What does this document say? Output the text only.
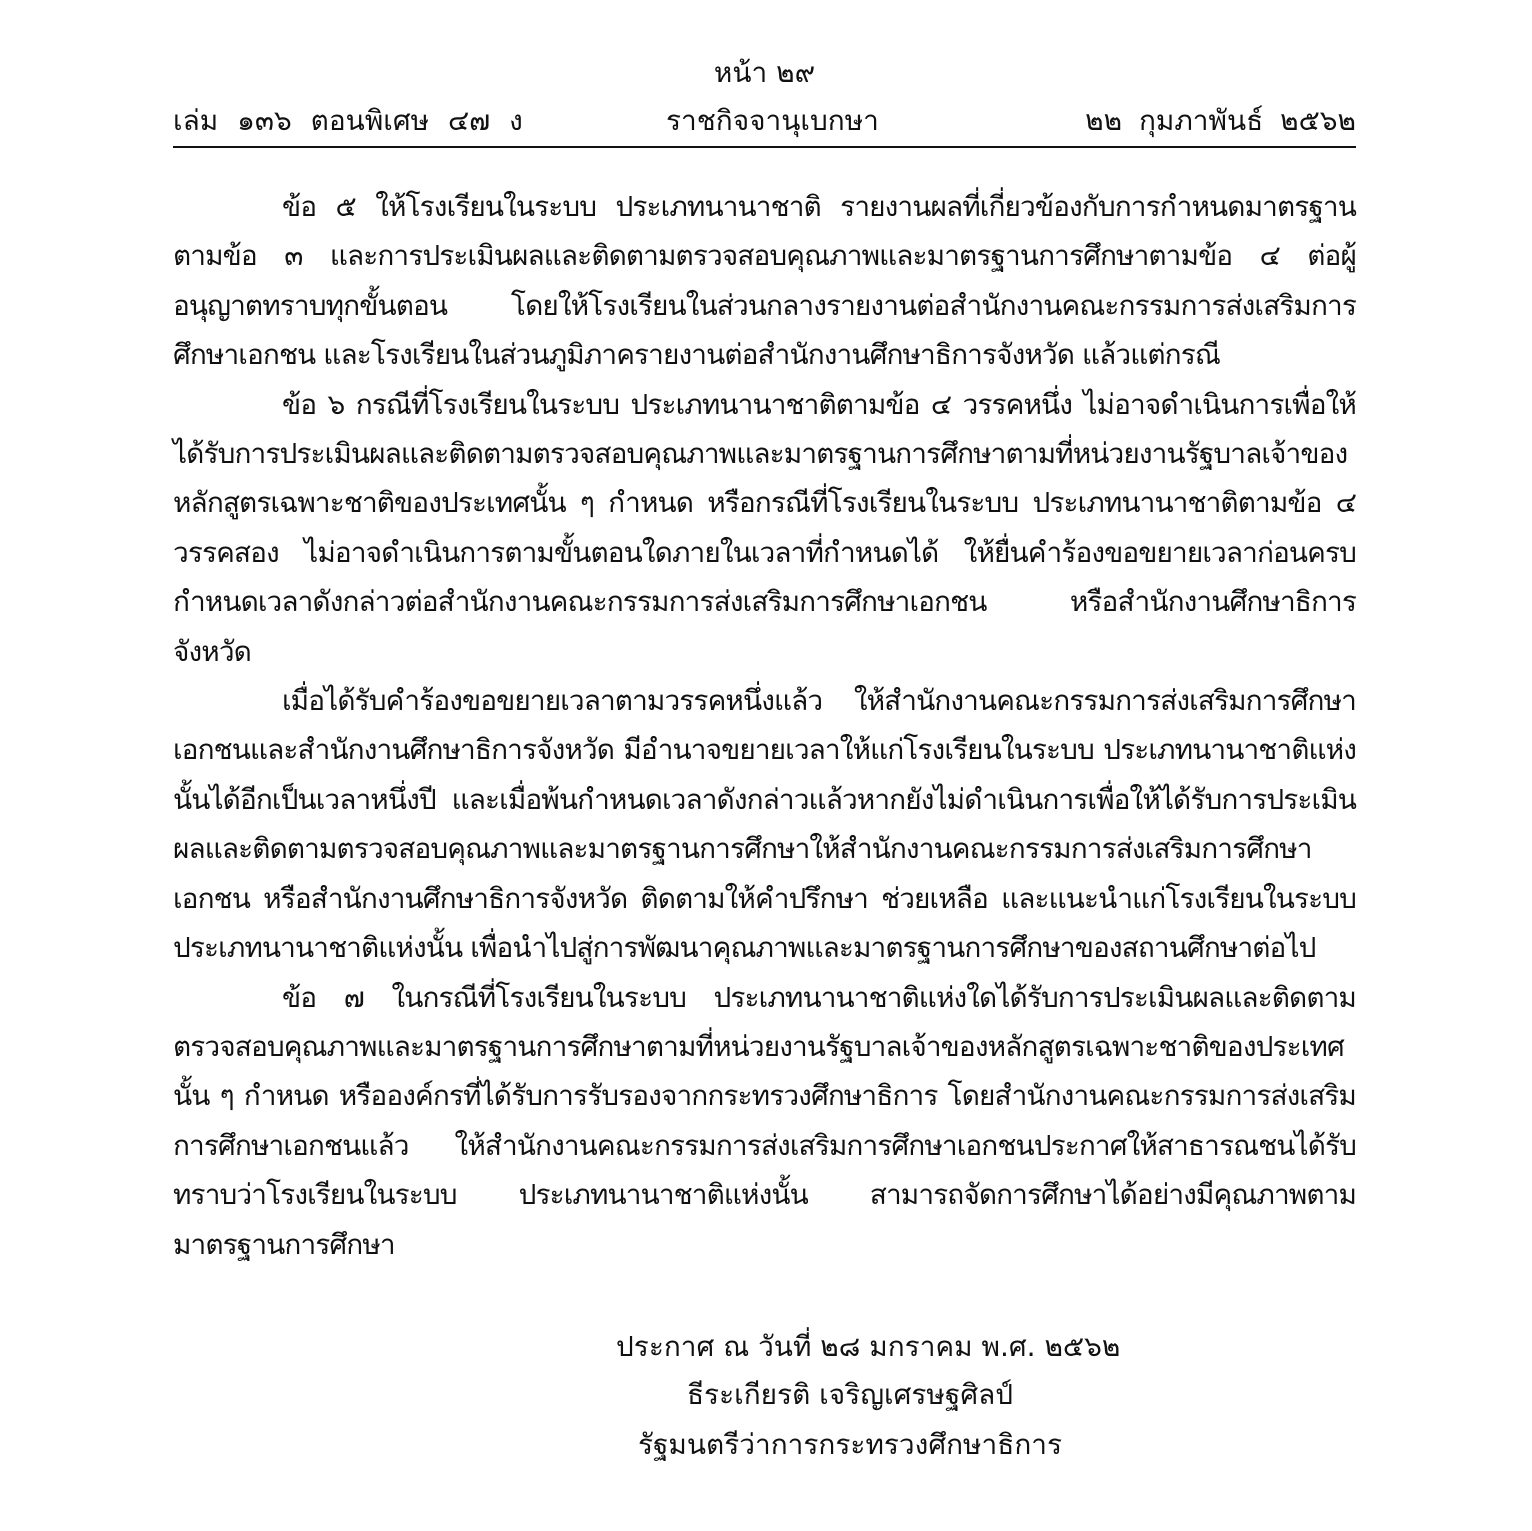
หน้า ๒๙
เล่ม ๑๓๖ ตอนพิเศษ ๔๗ ง	ราชกิจจานุเบกษา	๒๒ กุมภาพันธ์ ๒๕๖๒

ข้อ ๕ ให้โรงเรียนในระบบ ประเภทนานาชาติ รายงานผลที่เกี่ยวข้องกับการกำหนดมาตรฐานตามข้อ ๓ และการประเมินผลและติดตามตรวจสอบคุณภาพและมาตรฐานการศึกษาตามข้อ ๔ ต่อผู้อนุญาตทราบทุกขั้นตอน โดยให้โรงเรียนในส่วนกลางรายงานต่อสำนักงานคณะกรรมการส่งเสริมการศึกษาเอกชน และโรงเรียนในส่วนภูมิภาครายงานต่อสำนักงานศึกษาธิการจังหวัด แล้วแต่กรณี

ข้อ ๖ กรณีที่โรงเรียนในระบบ ประเภทนานาชาติตามข้อ ๔ วรรคหนึ่ง ไม่อาจดำเนินการเพื่อให้ได้รับการประเมินผลและติดตามตรวจสอบคุณภาพและมาตรฐานการศึกษาตามที่หน่วยงานรัฐบาลเจ้าของหลักสูตรเฉพาะชาติของประเทศนั้น ๆ กำหนด หรือกรณีที่โรงเรียนในระบบ ประเภทนานาชาติตามข้อ ๔ วรรคสอง ไม่อาจดำเนินการตามขั้นตอนใดภายในเวลาที่กำหนดได้ ให้ยื่นคำร้องขอขยายเวลาก่อนครบกำหนดเวลาดังกล่าวต่อสำนักงานคณะกรรมการส่งเสริมการศึกษาเอกชน หรือสำนักงานศึกษาธิการจังหวัด

เมื่อได้รับคำร้องขอขยายเวลาตามวรรคหนึ่งแล้ว ให้สำนักงานคณะกรรมการส่งเสริมการศึกษาเอกชนและสำนักงานศึกษาธิการจังหวัด มีอำนาจขยายเวลาให้แก่โรงเรียนในระบบ ประเภทนานาชาติแห่งนั้นได้อีกเป็นเวลาหนึ่งปี และเมื่อพ้นกำหนดเวลาดังกล่าวแล้วหากยังไม่ดำเนินการเพื่อให้ได้รับการประเมินผลและติดตามตรวจสอบคุณภาพและมาตรฐานการศึกษาให้สำนักงานคณะกรรมการส่งเสริมการศึกษาเอกชน หรือสำนักงานศึกษาธิการจังหวัด ติดตามให้คำปรึกษา ช่วยเหลือ และแนะนำแก่โรงเรียนในระบบ ประเภทนานาชาติแห่งนั้น เพื่อนำไปสู่การพัฒนาคุณภาพและมาตรฐานการศึกษาของสถานศึกษาต่อไป

ข้อ ๗ ในกรณีที่โรงเรียนในระบบ ประเภทนานาชาติแห่งใดได้รับการประเมินผลและติดตามตรวจสอบคุณภาพและมาตรฐานการศึกษาตามที่หน่วยงานรัฐบาลเจ้าของหลักสูตรเฉพาะชาติของประเทศนั้น ๆ กำหนด หรือองค์กรที่ได้รับการรับรองจากกระทรวงศึกษาธิการ โดยสำนักงานคณะกรรมการส่งเสริมการศึกษาเอกชนแล้ว ให้สำนักงานคณะกรรมการส่งเสริมการศึกษาเอกชนประกาศให้สาธารณชนได้รับทราบว่าโรงเรียนในระบบ ประเภทนานาชาติแห่งนั้น สามารถจัดการศึกษาได้อย่างมีคุณภาพตามมาตรฐานการศึกษา

ประกาศ ณ วันที่ ๒๘ มกราคม พ.ศ. ๒๕๖๒
ธีระเกียรติ เจริญเศรษฐศิลป์
รัฐมนตรีว่าการกระทรวงศึกษาธิการ
